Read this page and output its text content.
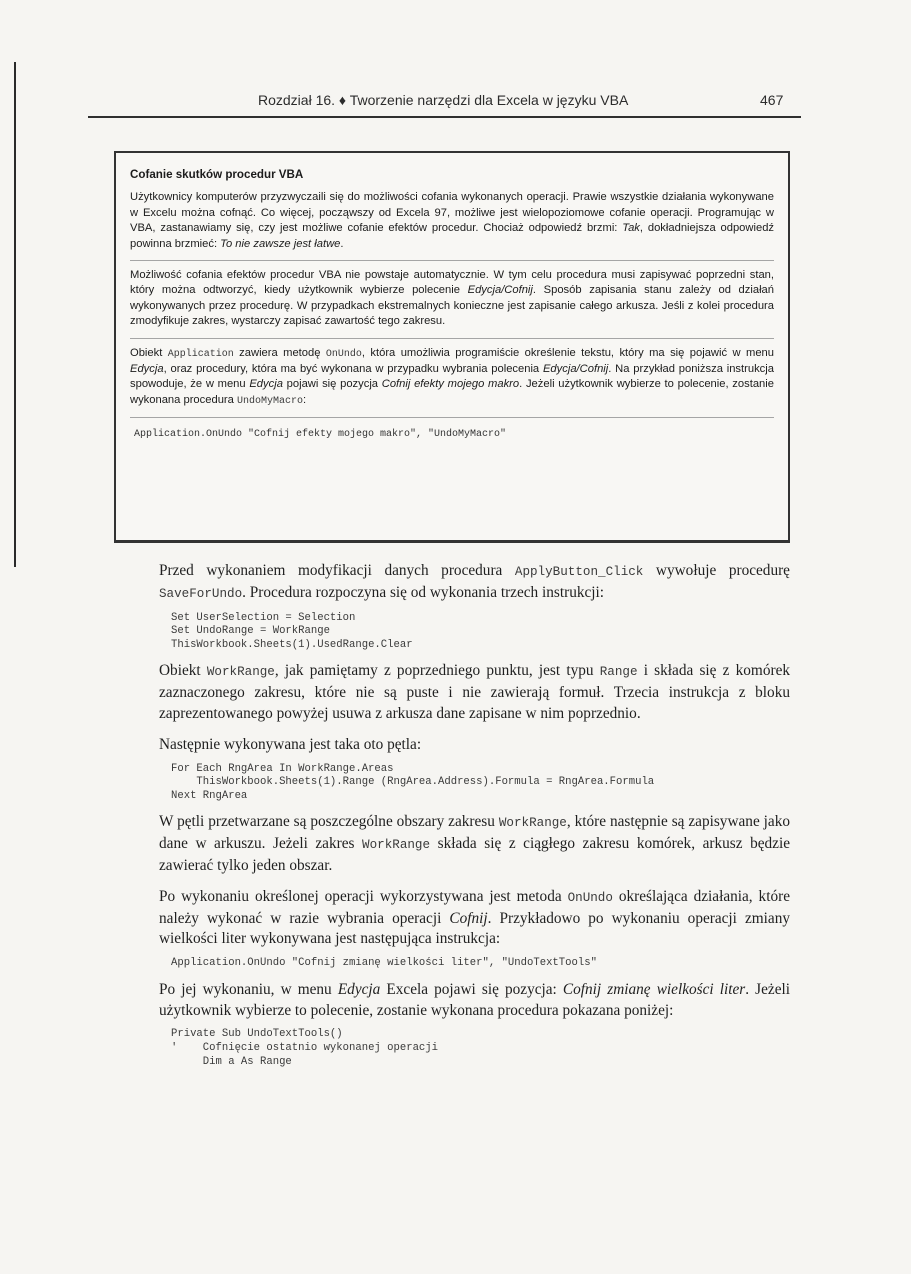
Rozdział 16. ♦ Tworzenie narzędzi dla Excela w języku VBA	467
Cofanie skutków procedur VBA

Użytkownicy komputerów przyzwyczaili się do możliwości cofania wykonanych operacji. Prawie wszystkie działania wykonywane w Excelu można cofnąć. Co więcej, począwszy od Excela 97, możliwe jest wielopoziomowe cofanie operacji. Programując w VBA, zastanawiamy się, czy jest możliwe cofanie efektów procedur. Chociaż odpowiedź brzmi: Tak, dokładniejsza odpowiedź powinna brzmieć: To nie zawsze jest łatwe.

Możliwość cofania efektów procedur VBA nie powstaje automatycznie. W tym celu procedura musi zapisywać poprzedni stan, który można odtworzyć, kiedy użytkownik wybierze polecenie Edycja/Cofnij. Sposób zapisania stanu zależy od działań wykonywanych przez procedurę. W przypadkach ekstremalnych konieczne jest zapisanie całego arkusza. Jeśli z kolei procedura zmodyfikuje zakres, wystarczy zapisać zawartość tego zakresu.

Obiekt Application zawiera metodę OnUndo, która umożliwia programiście określenie tekstu, który ma się pojawić w menu Edycja, oraz procedury, która ma być wykonana w przypadku wybrania polecenia Edycja/Cofnij. Na przykład poniższa instrukcja spowoduje, że w menu Edycja pojawi się pozycja Cofnij efekty mojego makro. Jeżeli użytkownik wybierze to polecenie, zostanie wykonana procedura UndoMyMacro:

Application.OnUndo "Cofnij efekty mojego makro", "UndoMyMacro"

Przed wykonaniem modyfikacji danych procedura ApplyButton_Click wywołuje procedurę SaveForUndo. Procedura rozpoczyna się od wykonania trzech instrukcji:

Set UserSelection = Selection
Set UndoRange = WorkRange
ThisWorkbook.Sheets(1).UsedRange.Clear

Obiekt WorkRange, jak pamiętamy z poprzedniego punktu, jest typu Range i składa się z komórek zaznaczonego zakresu, które nie są puste i nie zawierają formuł. Trzecia instrukcja z bloku zaprezentowanego powyżej usuwa z arkusza dane zapisane w nim poprzednio.

Następnie wykonywana jest taka oto pętla:

For Each RngArea In WorkRange.Areas
ThisWorkbook.Sheets(1).Range (RngArea.Address).Formula = RngArea.Formula
Next RngArea

W pętli przetwarzane są poszczególne obszary zakresu WorkRange, które następnie są zapisywane jako dane w arkuszu. Jeżeli zakres WorkRange składa się z ciągłego zakresu komórek, arkusz będzie zawierać tylko jeden obszar.

Po wykonaniu określonej operacji wykorzystywana jest metoda OnUndo określająca działania, które należy wykonać w razie wybrania operacji Cofnij. Przykładowo po wykonaniu operacji zmiany wielkości liter wykonywana jest następująca instrukcja:

Application.OnUndo "Cofnij zmianę wielkości liter", "UndoTextTools"

Po jej wykonaniu, w menu Edycja Excela pojawi się pozycja: Cofnij zmianę wielkości liter. Jeżeli użytkownik wybierze to polecenie, zostanie wykonana procedura pokazana poniżej:

Private Sub UndoTextTools()
'    Cofnięcie ostatnio wykonanej operacji
Dim a As Range
